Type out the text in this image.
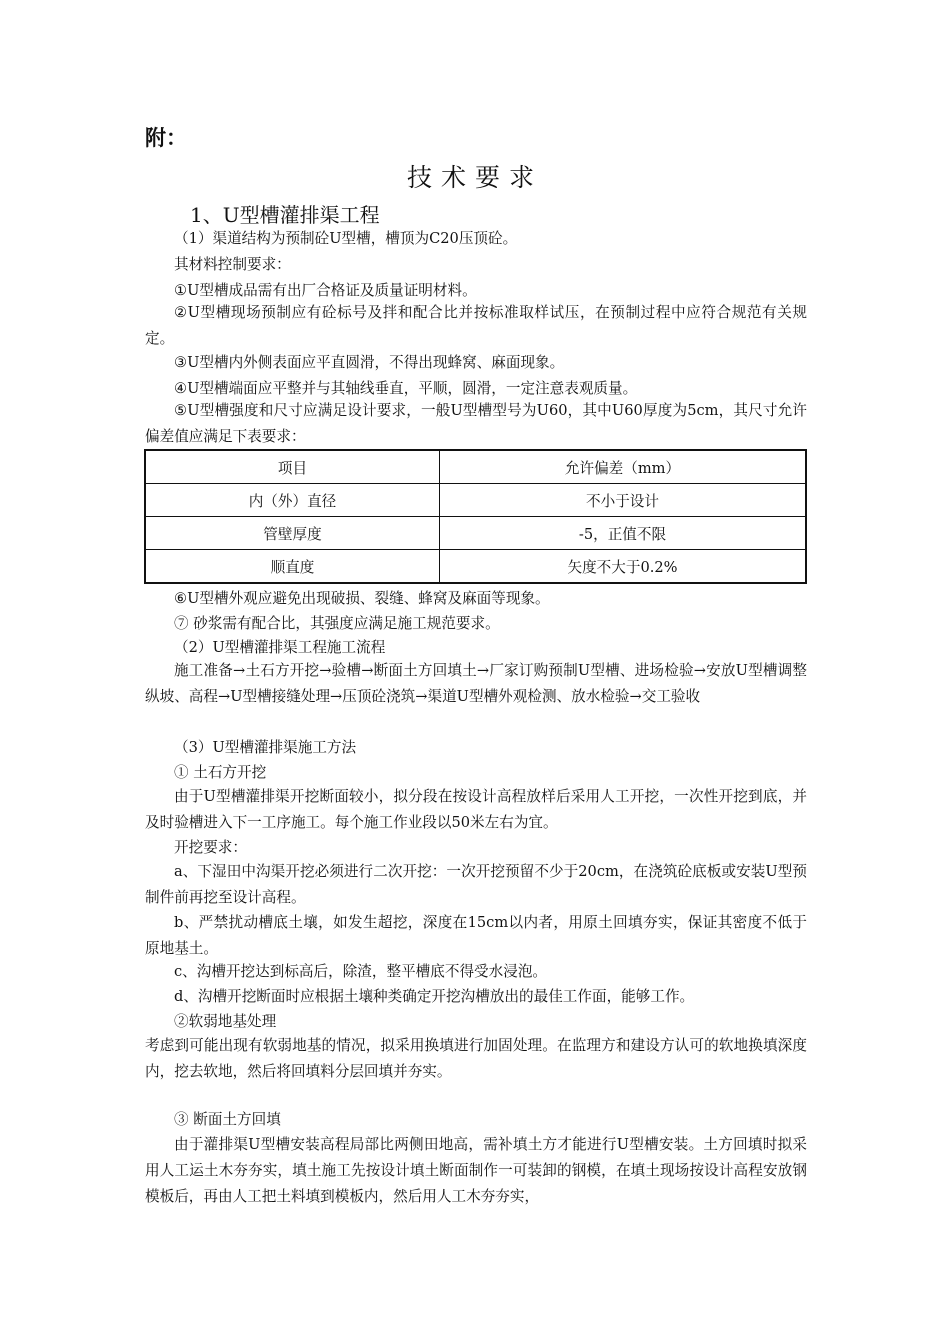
附：
技术要求
1、U型槽灌排渠工程
（1）渠道结构为预制砼U型槽，槽顶为C20压顶砼。
其材料控制要求：
①U型槽成品需有出厂合格证及质量证明材料。
②U型槽现场预制应有砼标号及拌和配合比并按标准取样试压，在预制过程中应符合规范有关规定。
③U型槽内外侧表面应平直圆滑，不得出现蜂窝、麻面现象。
④U型槽端面应平整并与其轴线垂直，平顺，圆滑，一定注意表观质量。
⑤U型槽强度和尺寸应满足设计要求，一般U型槽型号为U60，其中U60厚度为5cm，其尺寸允许偏差值应满足下表要求：
项目	允许偏差（mm）
内（外）直径	不小于设计
管壁厚度	-5，正值不限
顺直度	矢度不大于0.2%
⑥U型槽外观应避免出现破损、裂缝、蜂窝及麻面等现象。
⑦ 砂浆需有配合比，其强度应满足施工规范要求。
（2）U型槽灌排渠工程施工流程
施工准备→土石方开挖→验槽→断面土方回填土→厂家订购预制U型槽、进场检验→安放U型槽调整纵坡、高程→U型槽接缝处理→压顶砼浇筑→渠道U型槽外观检测、放水检验→交工验收
（3）U型槽灌排渠施工方法
① 土石方开挖
由于U型槽灌排渠开挖断面较小，拟分段在按设计高程放样后采用人工开挖，一次性开挖到底，并及时验槽进入下一工序施工。每个施工作业段以50米左右为宜。
开挖要求：
a、下湿田中沟渠开挖必须进行二次开挖：一次开挖预留不少于20cm，在浇筑砼底板或安装U型预制件前再挖至设计高程。
b、严禁扰动槽底土壤，如发生超挖，深度在15cm以内者，用原土回填夯实，保证其密度不低于原地基土。
c、沟槽开挖达到标高后，除渣，整平槽底不得受水浸泡。
d、沟槽开挖断面时应根据土壤种类确定开挖沟槽放出的最佳工作面，能够工作。
②软弱地基处理
考虑到可能出现有软弱地基的情况，拟采用换填进行加固处理。在监理方和建设方认可的软地换填深度内，挖去软地，然后将回填料分层回填并夯实。
③ 断面土方回填
由于灌排渠U型槽安装高程局部比两侧田地高，需补填土方才能进行U型槽安装。土方回填时拟采用人工运土木夯夯实，填土施工先按设计填土断面制作一可装卸的钢模，在填土现场按设计高程安放钢模板后，再由人工把土料填到模板内，然后用人工木夯夯实，
